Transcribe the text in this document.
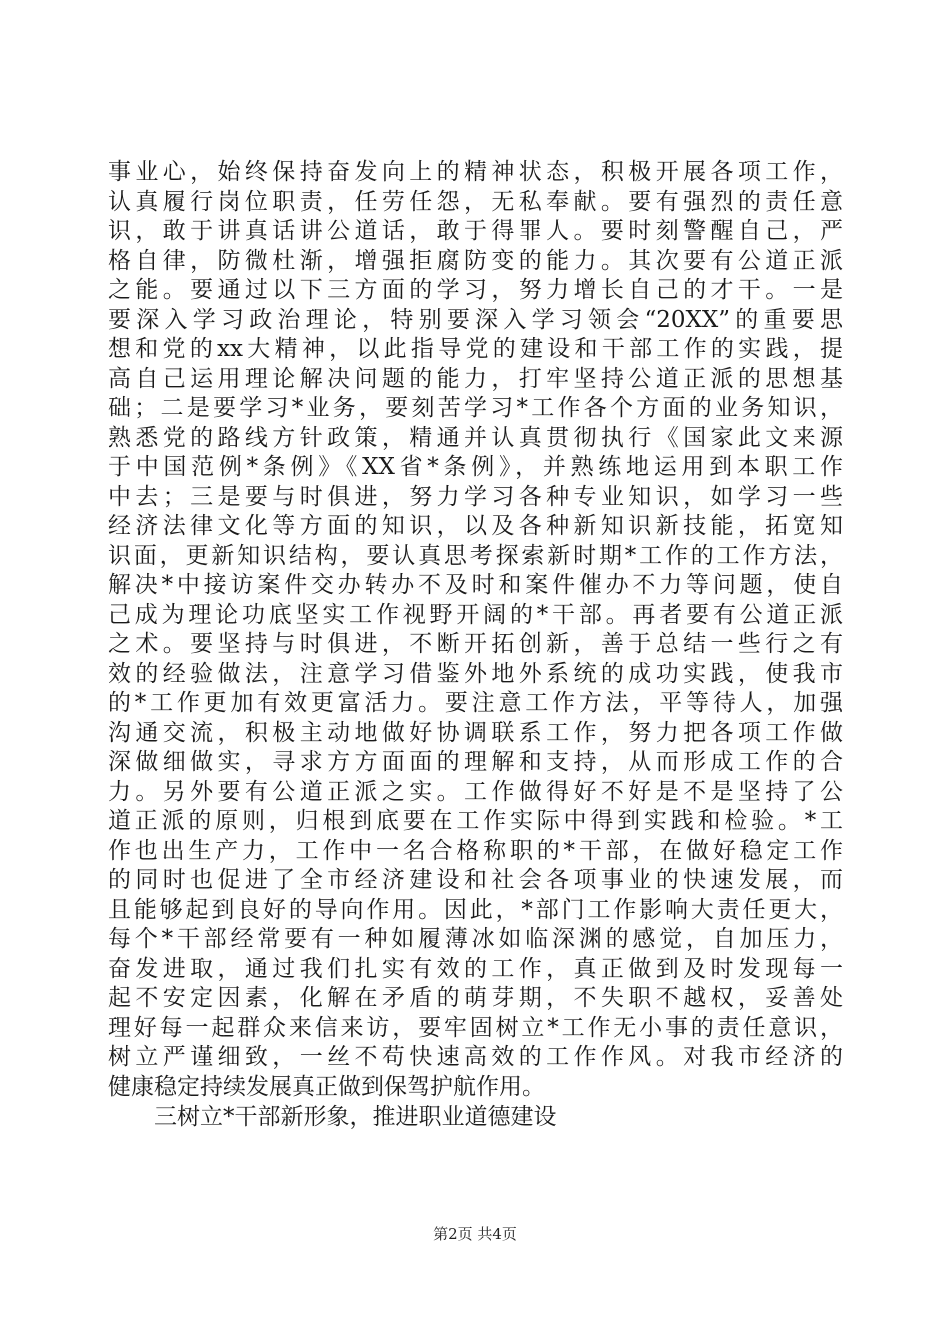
事业心，始终保持奋发向上的精神状态，积极开展各项工作，
认真履行岗位职责，任劳任怨，无私奉献。要有强烈的责任意
识，敢于讲真话讲公道话，敢于得罪人。要时刻警醒自己，严
格自律，防微杜渐，增强拒腐防变的能力。其次要有公道正派
之能。要通过以下三方面的学习，努力增长自己的才干。一是
要深入学习政治理论，特别要深入学习领会“20XX”的重要思
想和党的xx大精神，以此指导党的建设和干部工作的实践，提
高自己运用理论解决问题的能力，打牢坚持公道正派的思想基
础；二是要学习*业务，要刻苦学习*工作各个方面的业务知识，
熟悉党的路线方针政策，精通并认真贯彻执行《国家此文来源
于中国范例*条例》《XX省*条例》，并熟练地运用到本职工作
中去；三是要与时俱进，努力学习各种专业知识，如学习一些
经济法律文化等方面的知识，以及各种新知识新技能，拓宽知
识面，更新知识结构，要认真思考探索新时期*工作的工作方法，
解决*中接访案件交办转办不及时和案件催办不力等问题，使自
己成为理论功底坚实工作视野开阔的*干部。再者要有公道正派
之术。要坚持与时俱进，不断开拓创新，善于总结一些行之有
效的经验做法，注意学习借鉴外地外系统的成功实践，使我市
的*工作更加有效更富活力。要注意工作方法，平等待人，加强
沟通交流，积极主动地做好协调联系工作，努力把各项工作做
深做细做实，寻求方方面面的理解和支持，从而形成工作的合
力。另外要有公道正派之实。工作做得好不好是不是坚持了公
道正派的原则，归根到底要在工作实际中得到实践和检验。*工
作也出生产力，工作中一名合格称职的*干部，在做好稳定工作
的同时也促进了全市经济建设和社会各项事业的快速发展，而
且能够起到良好的导向作用。因此，*部门工作影响大责任更大，
每个*干部经常要有一种如履薄冰如临深渊的感觉，自加压力，
奋发进取，通过我们扎实有效的工作，真正做到及时发现每一
起不安定因素，化解在矛盾的萌芽期，不失职不越权，妥善处
理好每一起群众来信来访，要牢固树立*工作无小事的责任意识，
树立严谨细致，一丝不苟快速高效的工作作风。对我市经济的
健康稳定持续发展真正做到保驾护航作用。
三树立*干部新形象，推进职业道德建设
第2页 共4页
